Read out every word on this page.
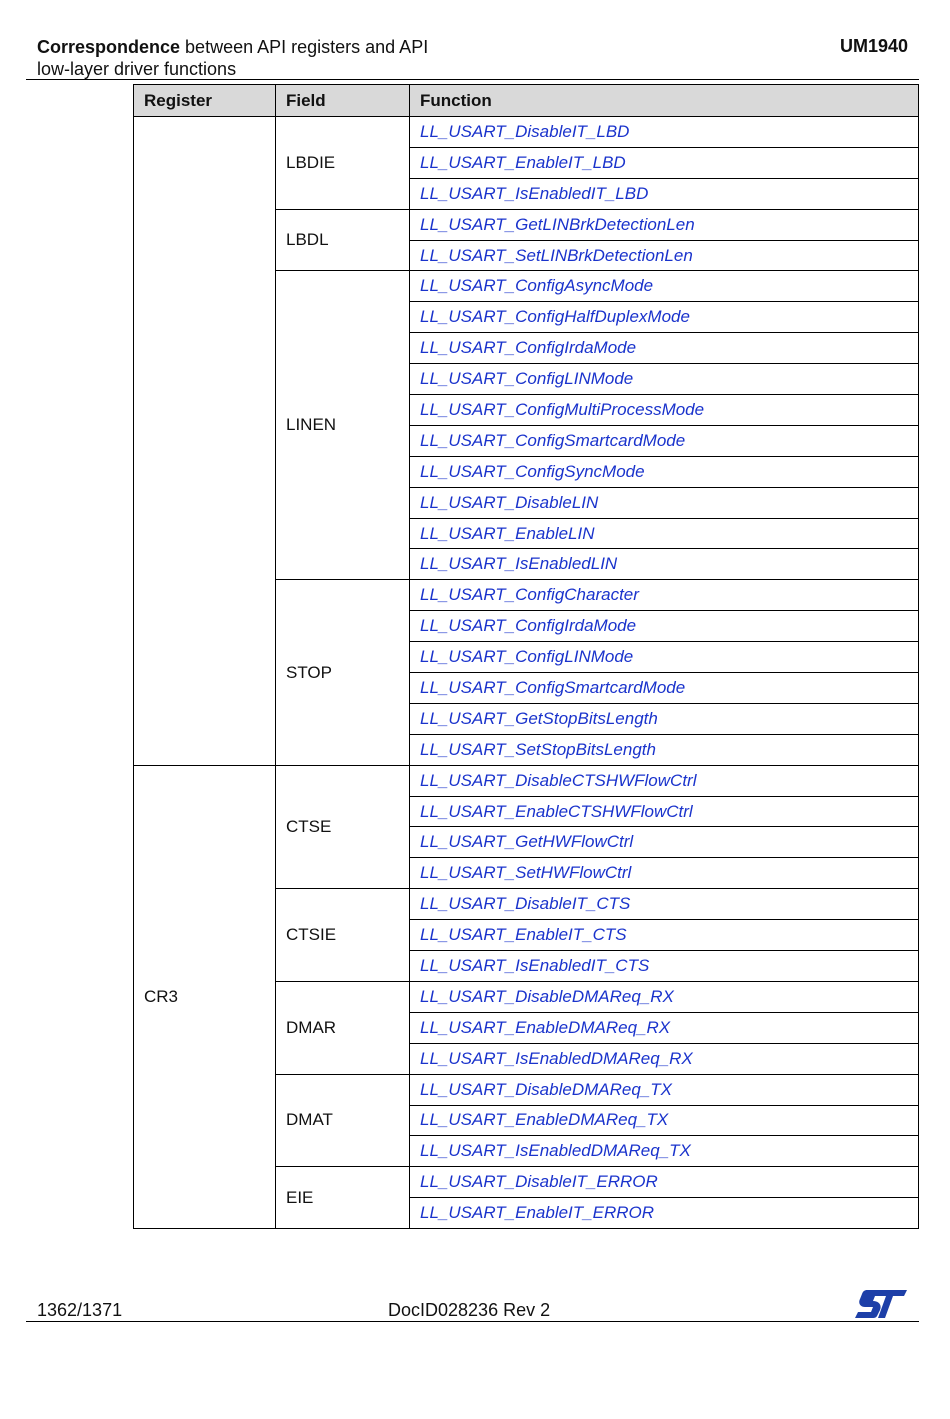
Correspondence between API registers and API
low-layer driver functions
UM1940
Register	Field	Function
	LBDIE	LL_USART_DisableIT_LBD
		LL_USART_EnableIT_LBD
		LL_USART_IsEnabledIT_LBD
	LBDL	LL_USART_GetLINBrkDetectionLen
		LL_USART_SetLINBrkDetectionLen
	LINEN	LL_USART_ConfigAsyncMode
		LL_USART_ConfigHalfDuplexMode
		LL_USART_ConfigIrdaMode
		LL_USART_ConfigLINMode
		LL_USART_ConfigMultiProcessMode
		LL_USART_ConfigSmartcardMode
		LL_USART_ConfigSyncMode
		LL_USART_DisableLIN
		LL_USART_EnableLIN
		LL_USART_IsEnabledLIN
	STOP	LL_USART_ConfigCharacter
		LL_USART_ConfigIrdaMode
		LL_USART_ConfigLINMode
		LL_USART_ConfigSmartcardMode
		LL_USART_GetStopBitsLength
		LL_USART_SetStopBitsLength
CR3	CTSE	LL_USART_DisableCTSHWFlowCtrl
		LL_USART_EnableCTSHWFlowCtrl
		LL_USART_GetHWFlowCtrl
		LL_USART_SetHWFlowCtrl
	CTSIE	LL_USART_DisableIT_CTS
		LL_USART_EnableIT_CTS
		LL_USART_IsEnabledIT_CTS
	DMAR	LL_USART_DisableDMAReq_RX
		LL_USART_EnableDMAReq_RX
		LL_USART_IsEnabledDMAReq_RX
	DMAT	LL_USART_DisableDMAReq_TX
		LL_USART_EnableDMAReq_TX
		LL_USART_IsEnabledDMAReq_TX
	EIE	LL_USART_DisableIT_ERROR
		LL_USART_EnableIT_ERROR
1362/1371	DocID028236 Rev 2
